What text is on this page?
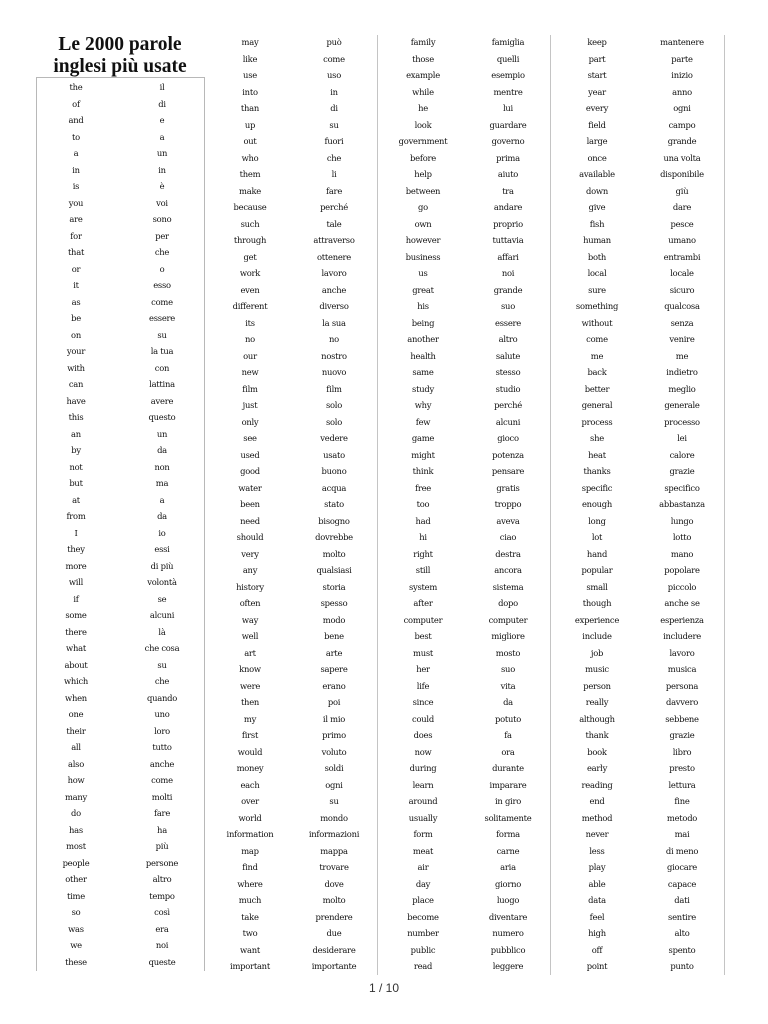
Le 2000 parole inglesi più usate
the
of
and
to
a
in
is
you
are
for
that
or
it
as
be
on
your
with
can
have
this
an
by
not
but
at
from
I
they
more
will
if
some
there
what
about
which
when
one
their
all
also
how
many
do
has
most
people
other
time
so
was
we
these
il
di
e
a
un
in
è
voi
sono
per
che
o
esso
come
essere
su
la tua
con
lattina
avere
questo
un
da
non
ma
a
da
io
essi
di più
volontà
se
alcuni
là
che cosa
su
che
quando
uno
loro
tutto
anche
come
molti
fare
ha
più
persone
altro
tempo
così
era
noi
queste
may
like
use
into
than
up
out
who
them
make
because
such
through
get
work
even
different
its
no
our
new
film
just
only
see
used
good
water
been
need
should
very
any
history
often
way
well
art
know
were
then
my
first
would
money
each
over
world
information
map
find
where
much
take
two
want
important
può
come
uso
in
di
su
fuori
che
li
fare
perché
tale
attraverso
ottenere
lavoro
anche
diverso
la sua
no
nostro
nuovo
film
solo
solo
vedere
usato
buono
acqua
stato
bisogno
dovrebbe
molto
qualsiasi
storia
spesso
modo
bene
arte
sapere
erano
poi
il mio
primo
voluto
soldi
ogni
su
mondo
informazioni
mappa
trovare
dove
molto
prendere
due
desiderare
importante
family
those
example
while
he
look
government
before
help
between
go
own
however
business
us
great
his
being
another
health
same
study
why
few
game
might
think
free
too
had
hi
right
still
system
after
computer
best
must
her
life
since
could
does
now
during
learn
around
usually
form
meat
air
day
place
become
number
public
read
famiglia
quelli
esempio
mentre
lui
guardare
governo
prima
aiuto
tra
andare
proprio
tuttavia
affari
noi
grande
suo
essere
altro
salute
stesso
studio
perché
alcuni
gioco
potenza
pensare
gratis
troppo
aveva
ciao
destra
ancora
sistema
dopo
computer
migliore
mosto
suo
vita
da
potuto
fa
ora
durante
imparare
in giro
solitamente
forma
carne
aria
giorno
luogo
diventare
numero
pubblico
leggere
keep
part
start
year
every
field
large
once
available
down
give
fish
human
both
local
sure
something
without
come
me
back
better
general
process
she
heat
thanks
specific
enough
long
lot
hand
popular
small
though
experience
include
job
music
person
really
although
thank
book
early
reading
end
method
never
less
play
able
data
feel
high
off
point
mantenere
parte
inizio
anno
ogni
campo
grande
una volta
disponibile
giù
dare
pesce
umano
entrambi
locale
sicuro
qualcosa
senza
venire
me
indietro
meglio
generale
processo
lei
calore
grazie
specifico
abbastanza
lungo
lotto
mano
popolare
piccolo
anche se
esperienza
includere
lavoro
musica
persona
davvero
sebbene
grazie
libro
presto
lettura
fine
metodo
mai
di meno
giocare
capace
dati
sentire
alto
spento
punto
1 / 10
